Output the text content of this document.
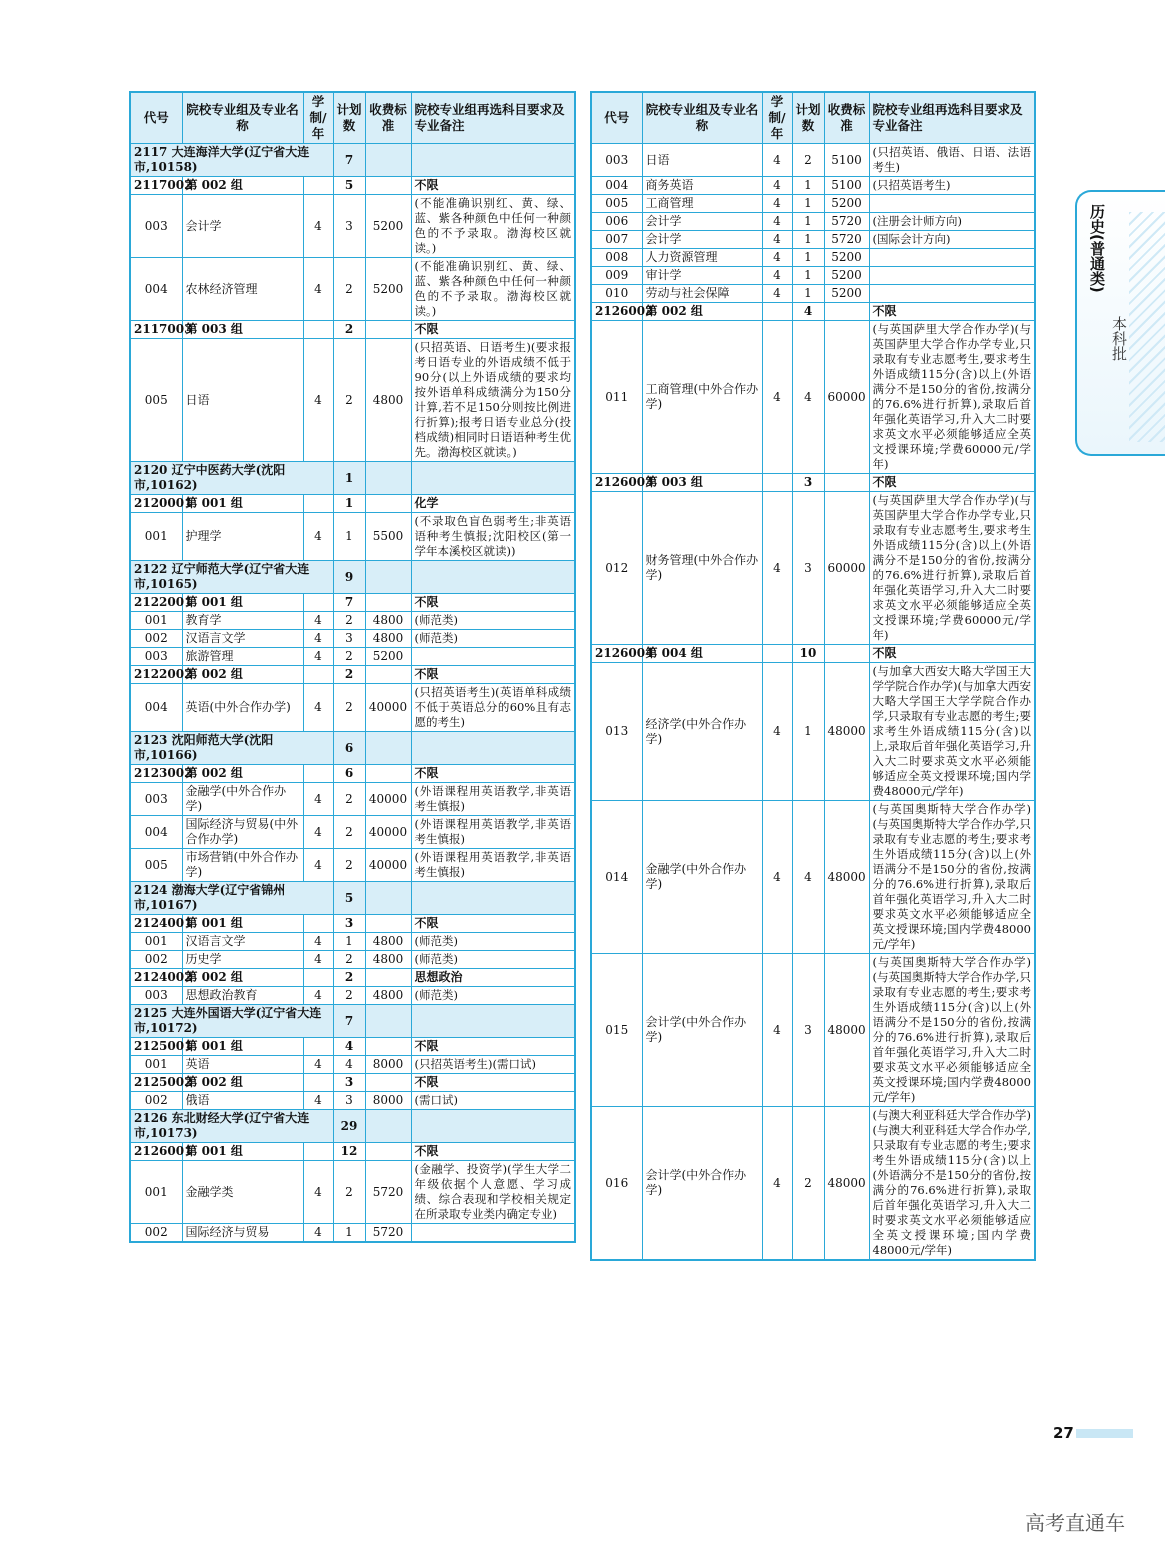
代号	院校专业组及专业名称	学制/年	计划数	收费标准	院校专业组再选科目要求及专业备注
2117 大连海洋大学(辽宁省大连市,10158)			7		
2117002	第 002 组		5		不限
003	会计学	4	3	5200	(不能准确识别红、黄、绿、蓝、紫各种颜色中任何一种颜色的不予录取。渤海校区就读。)
004	农林经济管理	4	2	5200	(不能准确识别红、黄、绿、蓝、紫各种颜色中任何一种颜色的不予录取。渤海校区就读。)
2117003	第 003 组		2		不限
005	日语	4	2	4800	(只招英语、日语考生)(要求报考日语专业的外语成绩不低于90分(以上外语成绩的要求均按外语单科成绩满分为150分计算,若不足150分则按比例进行折算);报考日语专业总分(投档成绩)相同时日语语种考生优先。渤海校区就读。)
2120 辽宁中医药大学(沈阳市,10162)			1		
2120001	第 001 组		1		化学
001	护理学	4	1	5500	(不录取色盲色弱考生;非英语语种考生慎报;沈阳校区(第一学年本溪校区就读))
2122 辽宁师范大学(辽宁省大连市,10165)			9		
2122001	第 001 组		7		不限
001	教育学	4	2	4800	(师范类)
002	汉语言文学	4	3	4800	(师范类)
003	旅游管理	4	2	5200	
2122002	第 002 组		2		不限
004	英语(中外合作办学)	4	2	40000	(只招英语考生)(英语单科成绩不低于英语总分的60%且有志愿的考生)
2123 沈阳师范大学(沈阳市,10166)			6		
2123002	第 002 组		6		不限
003	金融学(中外合作办学)	4	2	40000	(外语课程用英语教学,非英语考生慎报)
004	国际经济与贸易(中外合作办学)	4	2	40000	(外语课程用英语教学,非英语考生慎报)
005	市场营销(中外合作办学)	4	2	40000	(外语课程用英语教学,非英语考生慎报)
2124 渤海大学(辽宁省锦州市,10167)			5		
2124001	第 001 组		3		不限
001	汉语言文学	4	1	4800	(师范类)
002	历史学	4	2	4800	(师范类)
2124002	第 002 组		2		思想政治
003	思想政治教育	4	2	4800	(师范类)
2125 大连外国语大学(辽宁省大连市,10172)			7		
2125001	第 001 组		4		不限
001	英语	4	4	8000	(只招英语考生)(需口试)
2125002	第 002 组		3		不限
002	俄语	4	3	8000	(需口试)
2126 东北财经大学(辽宁省大连市,10173)			29		
2126001	第 001 组		12		不限
001	金融学类	4	2	5720	(金融学、投资学)(学生大学二年级依据个人意愿、学习成绩、综合表现和学校相关规定在所录取专业类内确定专业)
002	国际经济与贸易	4	1	5720	
代号	院校专业组及专业名称	学制/年	计划数	收费标准	院校专业组再选科目要求及专业备注
003	日语	4	2	5100	(只招英语、俄语、日语、法语考生)
004	商务英语	4	1	5100	(只招英语考生)
005	工商管理	4	1	5200	
006	会计学	4	1	5720	(注册会计师方向)
007	会计学	4	1	5720	(国际会计方向)
008	人力资源管理	4	1	5200	
009	审计学	4	1	5200	
010	劳动与社会保障	4	1	5200	
2126002	第 002 组		4		不限
011	工商管理(中外合作办学)	4	4	60000	(与英国萨里大学合作办学)(与英国萨里大学合作办学专业,只录取有专业志愿考生,要求考生外语成绩115分(含)以上(外语满分不是150分的省份,按满分的76.6%进行折算),录取后首年强化英语学习,升入大二时要求英文水平必须能够适应全英文授课环境;学费60000元/学年)
2126003	第 003 组		3		不限
012	财务管理(中外合作办学)	4	3	60000	(与英国萨里大学合作办学)(与英国萨里大学合作办学专业,只录取有专业志愿考生,要求考生外语成绩115分(含)以上(外语满分不是150分的省份,按满分的76.6%进行折算),录取后首年强化英语学习,升入大二时要求英文水平必须能够适应全英文授课环境;学费60000元/学年)
2126004	第 004 组		10		不限
013	经济学(中外合作办学)	4	1	48000	(与加拿大西安大略大学国王大学学院合作办学)(与加拿大西安大略大学国王大学学院合作办学,只录取有专业志愿的考生;要求考生外语成绩115分(含)以上,录取后首年强化英语学习,升入大二时要求英文水平必须能够适应全英文授课环境;国内学费48000元/学年)
014	金融学(中外合作办学)	4	4	48000	(与英国奥斯特大学合作办学)(与英国奥斯特大学合作办学,只录取有专业志愿的考生;要求考生外语成绩115分(含)以上(外语满分不是150分的省份,按满分的76.6%进行折算),录取后首年强化英语学习,升入大二时要求英文水平必须能够适应全英文授课环境;国内学费48000元/学年)
015	会计学(中外合作办学)	4	3	48000	(与英国奥斯特大学合作办学)(与英国奥斯特大学合作办学,只录取有专业志愿的考生;要求考生外语成绩115分(含)以上(外语满分不是150分的省份,按满分的76.6%进行折算),录取后首年强化英语学习,升入大二时要求英文水平必须能够适应全英文授课环境;国内学费48000元/学年)
016	会计学(中外合作办学)	4	2	48000	(与澳大利亚科廷大学合作办学)(与澳大利亚科廷大学合作办学,只录取有专业志愿的考生;要求考生外语成绩115分(含)以上(外语满分不是150分的省份,按满分的76.6%进行折算),录取后首年强化英语学习,升入大二时要求英文水平必须能够适应全英文授课环境;国内学费48000元/学年)
历史(普通类)
本科批
27
高考直通车
